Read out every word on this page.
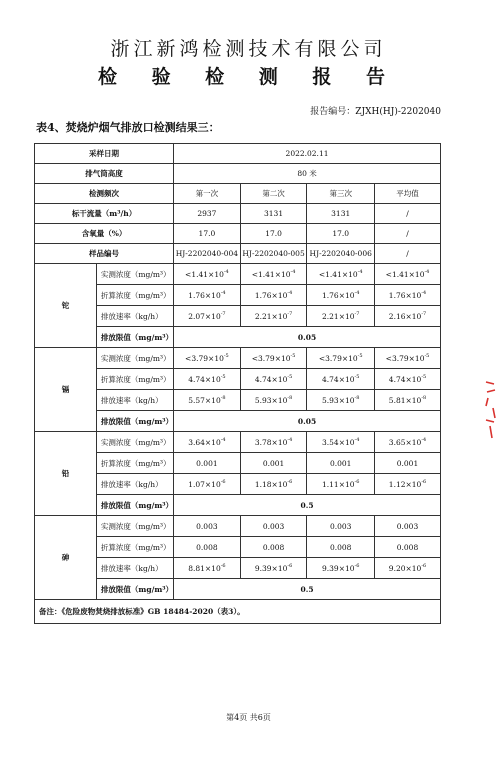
浙江新鸿检测技术有限公司
检 验 检 测 报 告
报告编号：ZJXH(HJ)-2202040
表4、焚烧炉烟气排放口检测结果三：
采样日期		2022.02.11			
排气筒高度		80 米			
检测频次		第一次	第二次	第三次	平均值
标干流量（m³/h）		2937	3131	3131	/
含氧量（%）		17.0	17.0	17.0	/
样品编号		HJ-2202040-004	HJ-2202040-005	HJ-2202040-006	/
铊	实测浓度（mg/m³）	$<1.41\times 10^{-4}$	$<1.41\times 10^{-4}$	$<1.41\times 10^{-4}$	$<1.41\times 10^{-4}$
	折算浓度（mg/m³）	$1.76\times 10^{-4}$	$1.76\times 10^{-4}$	$1.76\times 10^{-4}$	$1.76\times 10^{-4}$
	排放速率（kg/h）	$2.07\times 10^{-7}$	$2.21\times 10^{-7}$	$2.21\times 10^{-7}$	$2.16\times 10^{-7}$
	排放限值（mg/m³）	0.05			
镉	实测浓度（mg/m³）	$<3.79\times 10^{-5}$	$<3.79\times 10^{-5}$	$<3.79\times 10^{-5}$	$<3.79\times 10^{-5}$
	折算浓度（mg/m³）	$4.74\times 10^{-5}$	$4.74\times 10^{-5}$	$4.74\times 10^{-5}$	$4.74\times 10^{-5}$
	排放速率（kg/h）	$5.57\times 10^{-8}$	$5.93\times 10^{-8}$	$5.93\times 10^{-8}$	$5.81\times 10^{-8}$
	排放限值（mg/m³）	0.05			
铅	实测浓度（mg/m³）	$3.64\times 10^{-4}$	$3.78\times 10^{-4}$	$3.54\times 10^{-4}$	$3.65\times 10^{-4}$
	折算浓度（mg/m³）	0.001	0.001	0.001	0.001
	排放速率（kg/h）	$1.07\times 10^{-6}$	$1.18\times 10^{-6}$	$1.11\times 10^{-6}$	$1.12\times 10^{-6}$
	排放限值（mg/m³）	0.5			
砷	实测浓度（mg/m³）	0.003	0.003	0.003	0.003
	折算浓度（mg/m³）	0.008	0.008	0.008	0.008
	排放速率（kg/h）	$8.81\times 10^{-6}$	$9.39\times 10^{-6}$	$9.39\times 10^{-6}$	$9.20\times 10^{-6}$
	排放限值（mg/m³）	0.5			
备注：《危险废物焚烧排放标准》GB 18484-2020（表3）。					
第4页 共6页
